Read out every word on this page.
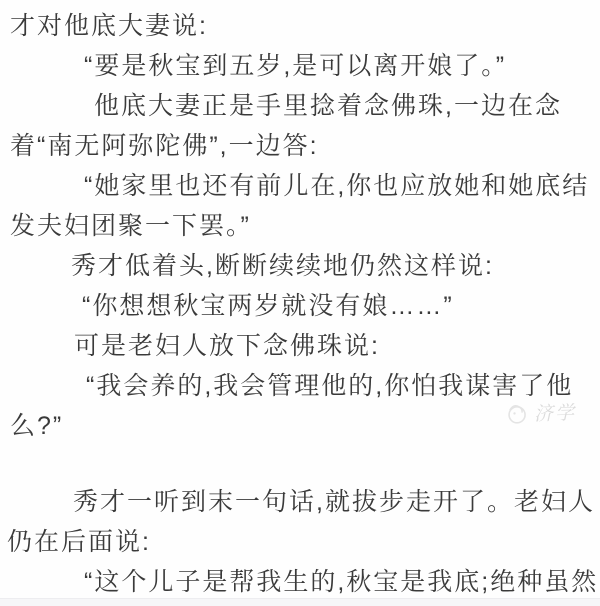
才对他底大妻说:
“要是秋宝到五岁,是可以离开娘了。”
他底大妻正是手里捻着念佛珠,一边在念
着“南无阿弥陀佛”,一边答:
“她家里也还有前儿在,你也应放她和她底结
发夫妇团聚一下罢。”
秀才低着头,断断续续地仍然这样说:
“你想想秋宝两岁就没有娘……”
可是老妇人放下念佛珠说:
“我会养的,我会管理他的,你怕我谋害了他
么?”
秀才一听到末一句话,就拔步走开了。老妇人
仍在后面说:
“这个儿子是帮我生的,秋宝是我底;绝种虽然
济学
